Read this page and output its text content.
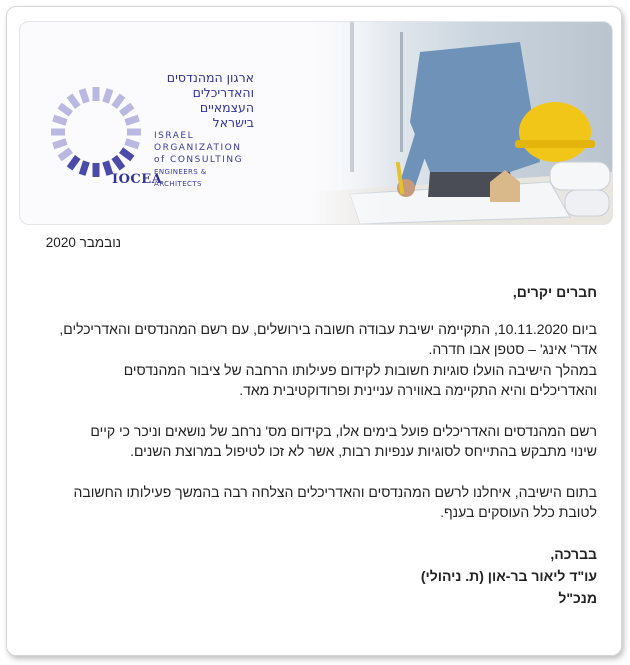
ארגון המהנדסים
והאדריכלים
העצמאיים
בישראל
ISRAEL
ORGANIZATION
of CONSULTING
ENGINEERS & ARCHITECTS
IOCEA
נובמבר 2020

חברים יקרים,

ביום 10.11.2020, התקיימה ישיבת עבודה חשובה בירושלים, עם רשם המהנדסים והאדריכלים,

אדר' אינג' – סטפן אבו חדרה.

במהלך הישיבה הועלו סוגיות חשובות לקידום פעילותו הרחבה של ציבור המהנדסים

והאדריכלים והיא התקיימה באווירה עניינית ופרודוקטיבית מאד.

רשם המהנדסים והאדריכלים פועל בימים אלו, בקידום מס' נרחב של נושאים וניכר כי קיים

שינוי מתבקש בהתייחס לסוגיות ענפיות רבות, אשר לא זכו לטיפול במרוצת השנים.

בתום הישיבה, איחלנו לרשם המהנדסים והאדריכלים הצלחה רבה בהמשך פעילותו החשובה

לטובת כלל העוסקים בענף.

בברכה,

עו"ד ליאור בר-און (ת. ניהולי)

מנכ"ל
